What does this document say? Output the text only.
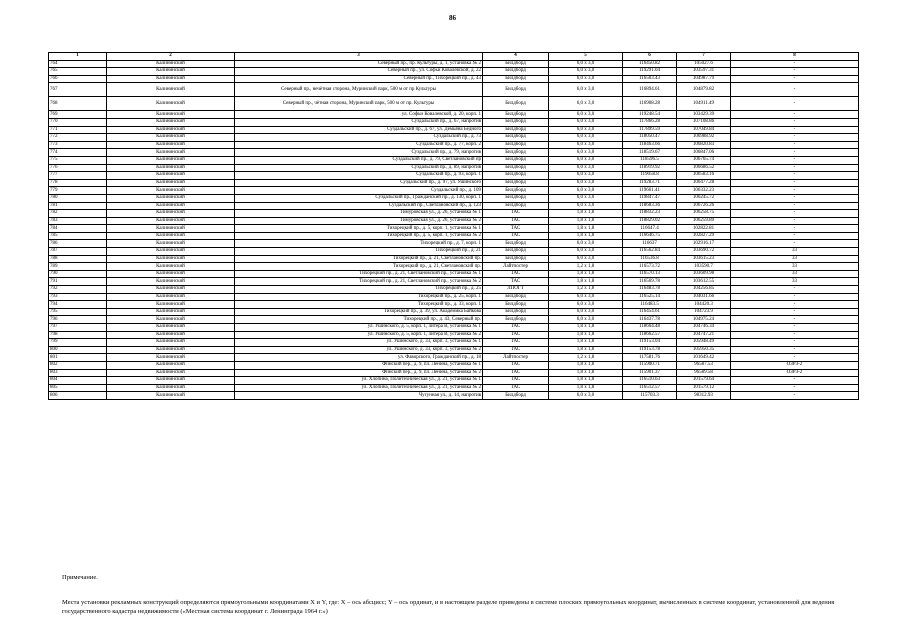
86
1	2	3	4	5	6	7	8
764	Калининский	Северный пр., пр. Культуры, д. 1, установка № 2	Билдборд	6,0 х 3,0	116450.82	105027.6	-
765	Калининский	Северный пр., ул. Софьи Ковалевской, д. 22	Билдборд	6,0 х 3,0	119291.04	103597.31	-
766	Калининский	Северный пр., Тихорецкий пр., д. 43	Билдборд	6,0 х 3,0	116503.43	104987.79	-
767	Калининский	Северный пр., нечётная сторона, Муринский парк, 500 м от пр Культуры	Билдборд	6,0 х 3,0	116894.61	104879.82	-
768	Калининский	Северный пр., чётная сторона, Муринский парк, 500 м от пр. Культуры	Билдборд	6,0 х 3,0	116908.28	104911.49	-
769	Калининский	ул. Софьи Ковалевской, д. 20, корп. 1	Билдборд	6,0 х 3,0	119248.54	103429.39	-
770	Калининский	Суздальский пр., д. 67, напротив	Билдборд	6,0 х 3,0	117866.28	107108.86	-
771	Калининский	Суздальский пр., д. 67, ул. Демьяна Бедного	Билдборд	6,0 х 3,0	117899.59	107049.84	-
772	Калининский	Суздальский пр., д. 73	Билдборд	6,0 х 3,0	118050.47	106988.92	-
773	Калининский	Суздальский пр., д. 77, корп. 2	Билдборд	6,0 х 3,0	118463.66	106820.83	-
774	Калининский	Суздальский пр., д. 79, напротив	Билдборд	6,0 х 3,0	118519.67	106847.06	-
775	Калининский	Суздальский пр., д. 79, Светлановский пр	Билдборд	6,0 х 3,0	118596.5	106765.74	-
776	Калининский	Суздальский пр., д. 89, напротив	Билдборд	6,0 х 3,0	118919.92	106686.52	-
777	Калининский	Суздальский пр., д. 93, корп. 1	Билдборд	6,0 х 3,0	119058.8	106583.16	-
778	Калининский	Суздальский пр., д. 97, ул. Ушинского	Билдборд	6,0 х 3,0	119283.71	106477.28	-
779	Калининский	Суздальский пр., д. 109	Билдборд	6,0 х 3,0	119661.41	106332.23	-
780	Калининский	Суздальский пр., Гражданский пр., д. 130, корп. 1	Билдборд	6,0 х 3,0	119847.47	106245.72	-
781	Калининский	Суздальский пр., Светлановский пр., д. 123	Билдборд	6,0 х 3,0	118683.36	106726.26	-
782	Калининский	Тимуровская ул., д. 26, установка № 1	ТАС	1,8 х 1,8	118832.23	106258.75	-
783	Калининский	Тимуровская ул., д. 26, установка № 2	ТАС	1,8 х 1,8	118829.02	106259.89	-
784	Калининский	Тихорецкий пр., д. 5, корп. 1, установка № 1	ТАС	1,8 х 1,8	116647.4	102822.81	-
785	Калининский	Тихорецкий пр., д. 5, корп. 1, установка № 2	ТАС	1,8 х 1,8	116646.75	102827.29	-
786	Калининский	Тихорецкий пр., д. 7, корп. 1	Билдборд	6,0 х 3,0	116637	102916.17	-
787	Калининский	Тихорецкий пр., д. 21	Билдборд	6,0 х 3,0	116562.84	103690.72	33
788	Калининский	Тихорецкий пр., д. 21, Светлановский пр.	Билдборд	6,0 х 3,0	116536.8	103615.23	33
789	Калининский	Тихорецкий пр., д. 21, Светлановский пр.	Лайтпостер	1,2 х 1,8	116573.72	103590.7	33
790	Калининский	Тихорецкий пр., д. 21, Светлановский пр., установка № 1	ТАС	1,8 х 1,8	116570.13	103609.98	33
791	Калининский	Тихорецкий пр., д. 21, Светлановский пр., установка № 2	ТАС	1,8 х 1,8	116569.78	103612.55	33
792	Калининский	Тихорецкий пр., д. 25	ЛПОГТ	1,2 х 1,8	116483.78	104256.85	-
793	Калининский	Тихорецкий пр., д. 25, корп. 1	Билдборд	6,0 х 3,0	116525.14	104031.66	-
794	Калининский	Тихорецкий пр., д. 33, корп. 1	Билдборд	6,0 х 3,0	116483.5	104420.3	-
795	Калининский	Тихорецкий пр., д. 39, ул. Академика Байкова	Билдборд	6,0 х 3,0	116454.61	104723.9	-
796	Калининский	Тихорецкий пр., д. 43, Северный пр.	Билдборд	6,0 х 3,0	116437.78	104975.24	-
797	Калининский	ул. Ушинского, д. 5, корп. 1, литера В, установка № 1	ТАС	1,8 х 1,8	118664.48	104746.34	-
798	Калининский	ул. Ушинского, д. 5, корп. 1, литера В, установка № 2	ТАС	1,8 х 1,8	118662.57	104747.21	-
799	Калининский	ул. Ушинского, д. 33, корп. 3, установка № 1	ТАС	1,8 х 1,8	119153.04	105948.49	-
800	Калининский	ул. Ушинского, д. 33, корп. 3, установка № 2	ТАС	1,8 х 1,8	119153.78	105950.35	-
801	Калининский	ул. Фаворского, Гражданский пр., д. 18	Лайтпостер	1,2 х 1,8	117581.76	101649.42	-
802	Калининский	Финский пер., д. 9, пл. Ленина, установка № 1	ТАС	1,8 х 1,8	115900.71	96587.53	ОЗРЗ-2
803	Калининский	Финский пер., д. 9, пл. Ленина, установка № 2	ТАС	1,8 х 1,8	115901.37	96589.58	ОЗРЗ-2
804	Калининский	ул. Хлопина, Политехническая ул., д. 21, установка № 1	ТАС	1,8 х 1,8	116510.63	101579.64	-
805	Калининский	ул. Хлопина, Политехническая ул., д. 21, установка № 2	ТАС	1,8 х 1,8	116512.57	101579.12	-
806	Калининский	Чугунная ул., д. 14, напротив	Билдборд	6,0 х 3,0	115703.3	98312.93	-
Примечание.
Места установки рекламных конструкций определяются прямоугольными координатами X и Y, где: X – ось абсцисс; Y – ось ординат, и в настоящем разделе приведены в системе плоских прямоугольных координат, вычисленных в системе координат, установленной для ведения государственного кадастра недвижимости («Местная система координат г. Ленинграда 1964 г.»)
